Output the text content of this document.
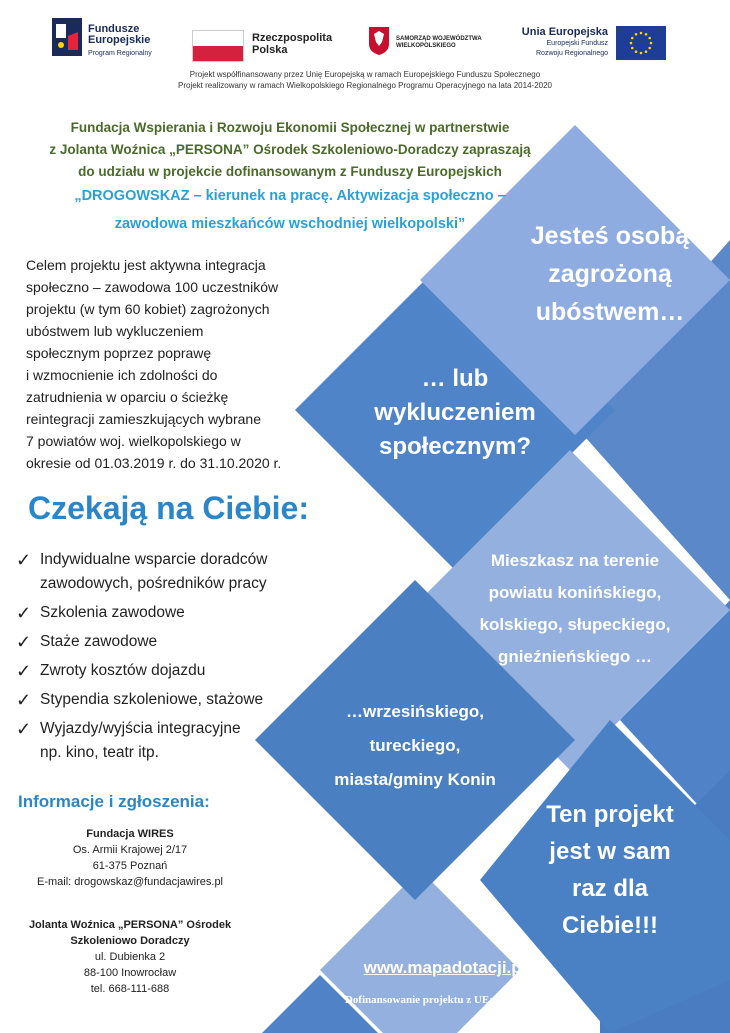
Fundusze
Europejskie
Program Regionalny
Rzeczpospolita
Polska
SAMORZĄD WOJEWÓDZTWA
WIELKOPOLSKIEGO
Unia Europejska
Europejski Fundusz
Rozwoju Regionalnego
Projekt współfinansowany przez Unię Europejską w ramach Europejskiego Funduszu Społecznego
Projekt realizowany w ramach Wielkopolskiego Regionalnego Programu Operacyjnego na lata 2014-2020
Fundacja Wspierania i Rozwoju Ekonomii Społecznej w partnerstwie
z Jolanta Woźnica „PERSONA” Ośrodek Szkoleniowo-Doradczy zapraszają
do udziału w projekcie dofinansowanym z Funduszy Europejskich
„DROGOWSKAZ – kierunek na pracę. Aktywizacja społeczno –
zawodowa mieszkańców wschodniej wielkopolski”
Celem projektu jest aktywna integracja
społeczno – zawodowa 100 uczestników
projektu (w tym 60 kobiet) zagrożonych
ubóstwem lub wykluczeniem
społecznym poprzez poprawę
i wzmocnienie ich zdolności do
zatrudnienia w oparciu o ścieżkę
reintegracji zamieszkujących wybrane
7 powiatów woj. wielkopolskiego w
okresie od 01.03.2019 r. do 31.10.2020 r.
Czekają na Ciebie:
✓ Indywidualne wsparcie doradców
zawodowych, pośredników pracy
✓ Szkolenia zawodowe
✓ Staże zawodowe
✓ Zwroty kosztów dojazdu
✓ Stypendia szkoleniowe, stażowe
✓ Wyjazdy/wyjścia integracyjne
np. kino, teatr itp.
Informacje i zgłoszenia:
Fundacja WIRES
Os. Armii Krajowej 2/17
61-375 Poznań
E-mail: drogowskaz@fundacjawires.pl
Jolanta Woźnica „PERSONA” Ośrodek
Szkoleniowo Doradczy
ul. Dubienka 2
88-100 Inowrocław
tel. 668-111-688
Jesteś osobą
zagrożoną
ubóstwem…
… lub
wykluczeniem
społecznym?
Mieszkasz na terenie
powiatu konińskiego,
kolskiego, słupeckiego,
gnieźnieńskiego …
…wrzesińskiego,
tureckiego,
miasta/gminy Konin
Ten projekt
jest w sam
raz dla
Ciebie!!!
www.mapadotacji.pl
Dofinansowanie projektu z UE: 818 922,94
